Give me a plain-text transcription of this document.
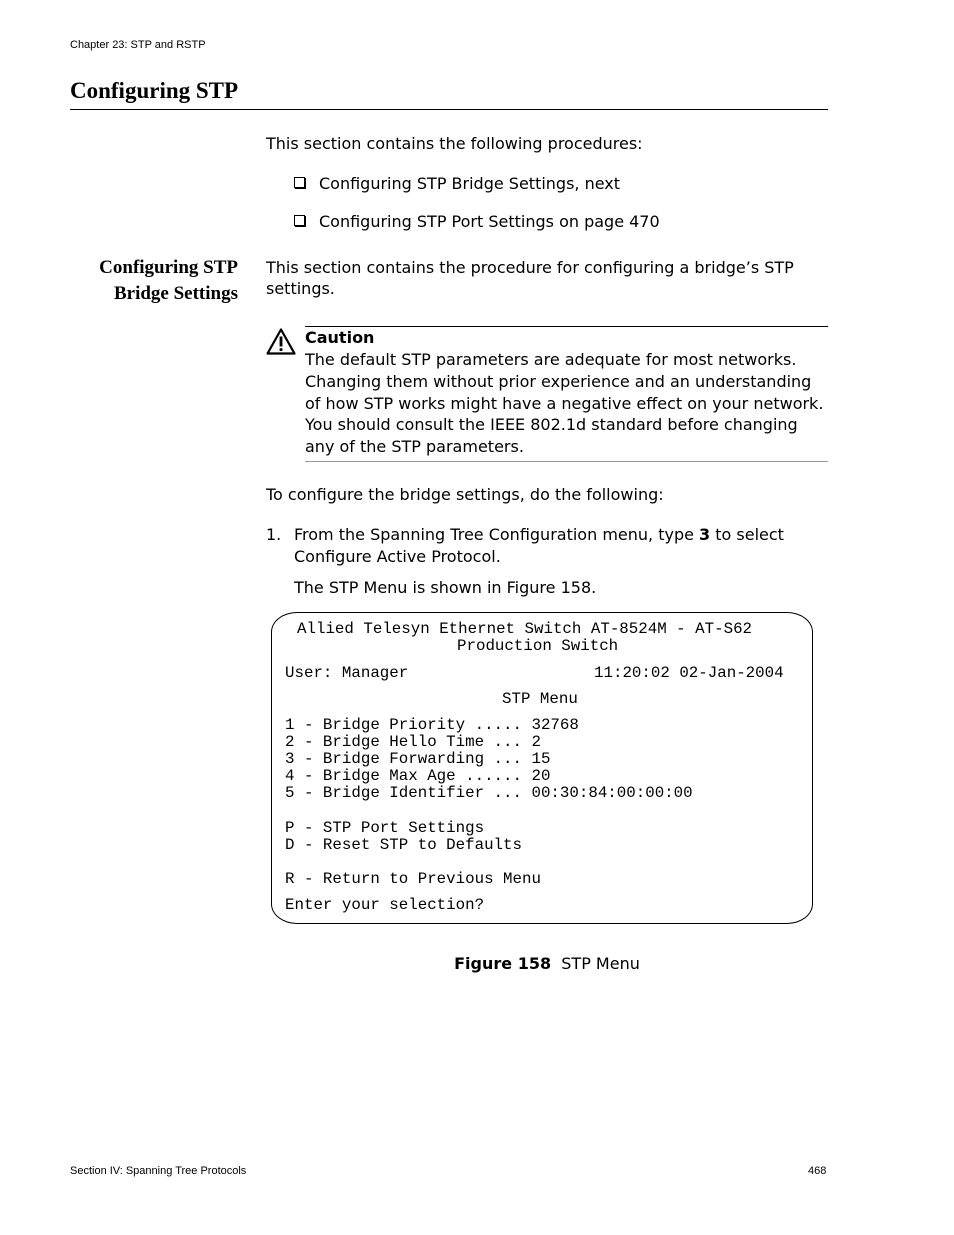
Chapter 23: STP and RSTP
Configuring STP
This section contains the following procedures:
Configuring STP Bridge Settings, next
Configuring STP Port Settings on page 470
Configuring STP
Bridge Settings
This section contains the procedure for configuring a bridge’s STP settings.
Caution
The default STP parameters are adequate for most networks. Changing them without prior experience and an understanding of how STP works might have a negative effect on your network. You should consult the IEEE 802.1d standard before changing any of the STP parameters.
To configure the bridge settings, do the following:
1. From the Spanning Tree Configuration menu, type 3 to select Configure Active Protocol.
The STP Menu is shown in Figure 158.
Allied Telesyn Ethernet Switch AT-8524M - AT-S62
Production Switch
User: Manager	11:20:02 02-Jan-2004
STP Menu
1 - Bridge Priority ..... 32768
2 - Bridge Hello Time ... 2
3 - Bridge Forwarding ... 15
4 - Bridge Max Age ...... 20
5 - Bridge Identifier ... 00:30:84:00:00:00
P - STP Port Settings
D - Reset STP to Defaults
R - Return to Previous Menu
Enter your selection?
Figure 158 STP Menu
Section IV: Spanning Tree Protocols	468
